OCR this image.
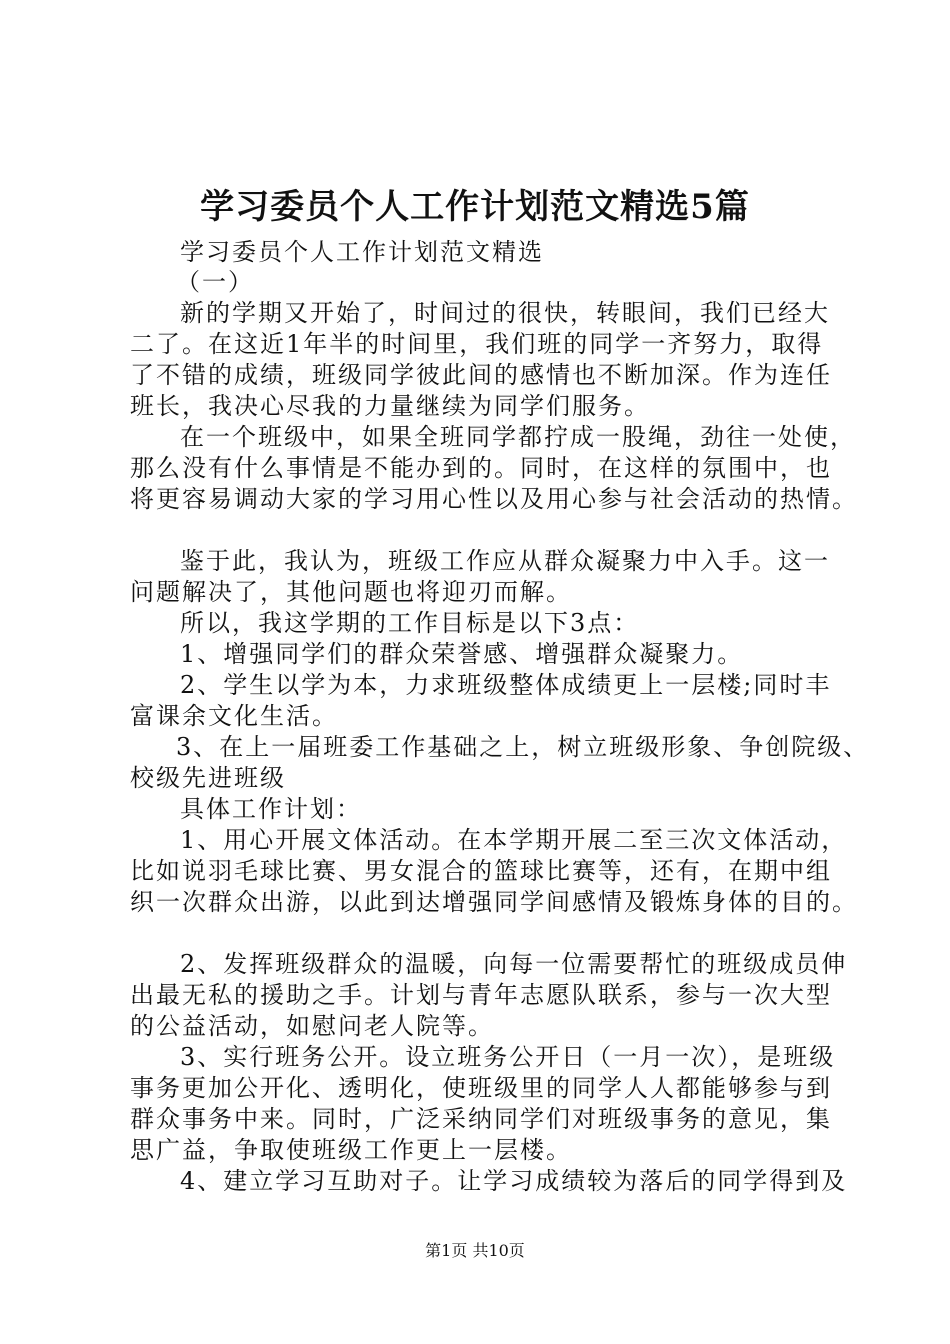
学习委员个人工作计划范文精选5篇
学习委员个人工作计划范文精选
（一）
新的学期又开始了，时间过的很快，转眼间，我们已经大
二了。在这近1年半的时间里，我们班的同学一齐努力，取得
了不错的成绩，班级同学彼此间的感情也不断加深。作为连任
班长，我决心尽我的力量继续为同学们服务。
在一个班级中，如果全班同学都拧成一股绳，劲往一处使，
那么没有什么事情是不能办到的。同时，在这样的氛围中，也
将更容易调动大家的学习用心性以及用心参与社会活动的热情。
鉴于此，我认为，班级工作应从群众凝聚力中入手。这一
问题解决了，其他问题也将迎刃而解。
所以，我这学期的工作目标是以下3点：
1、增强同学们的群众荣誉感、增强群众凝聚力。
2、学生以学为本，力求班级整体成绩更上一层楼;同时丰
富课余文化生活。
3、在上一届班委工作基础之上，树立班级形象、争创院级、
校级先进班级
具体工作计划：
1、用心开展文体活动。在本学期开展二至三次文体活动，
比如说羽毛球比赛、男女混合的篮球比赛等，还有，在期中组
织一次群众出游，以此到达增强同学间感情及锻炼身体的目的。
2、发挥班级群众的温暖，向每一位需要帮忙的班级成员伸
出最无私的援助之手。计划与青年志愿队联系，参与一次大型
的公益活动，如慰问老人院等。
3、实行班务公开。设立班务公开日（一月一次），是班级
事务更加公开化、透明化，使班级里的同学人人都能够参与到
群众事务中来。同时，广泛采纳同学们对班级事务的意见，集
思广益，争取使班级工作更上一层楼。
4、建立学习互助对子。让学习成绩较为落后的同学得到及
第1页 共10页
